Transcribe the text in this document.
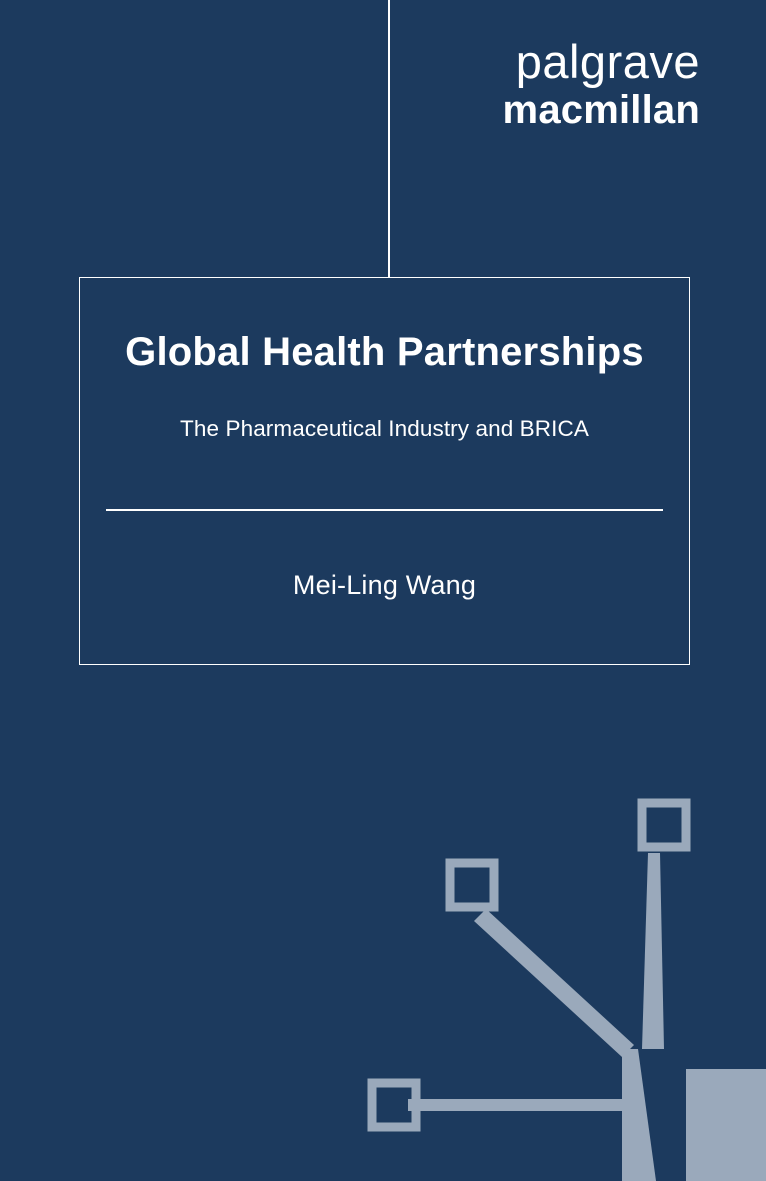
palgrave
macmillan
Global Health Partnerships
The Pharmaceutical Industry and BRICA
Mei-Ling Wang
